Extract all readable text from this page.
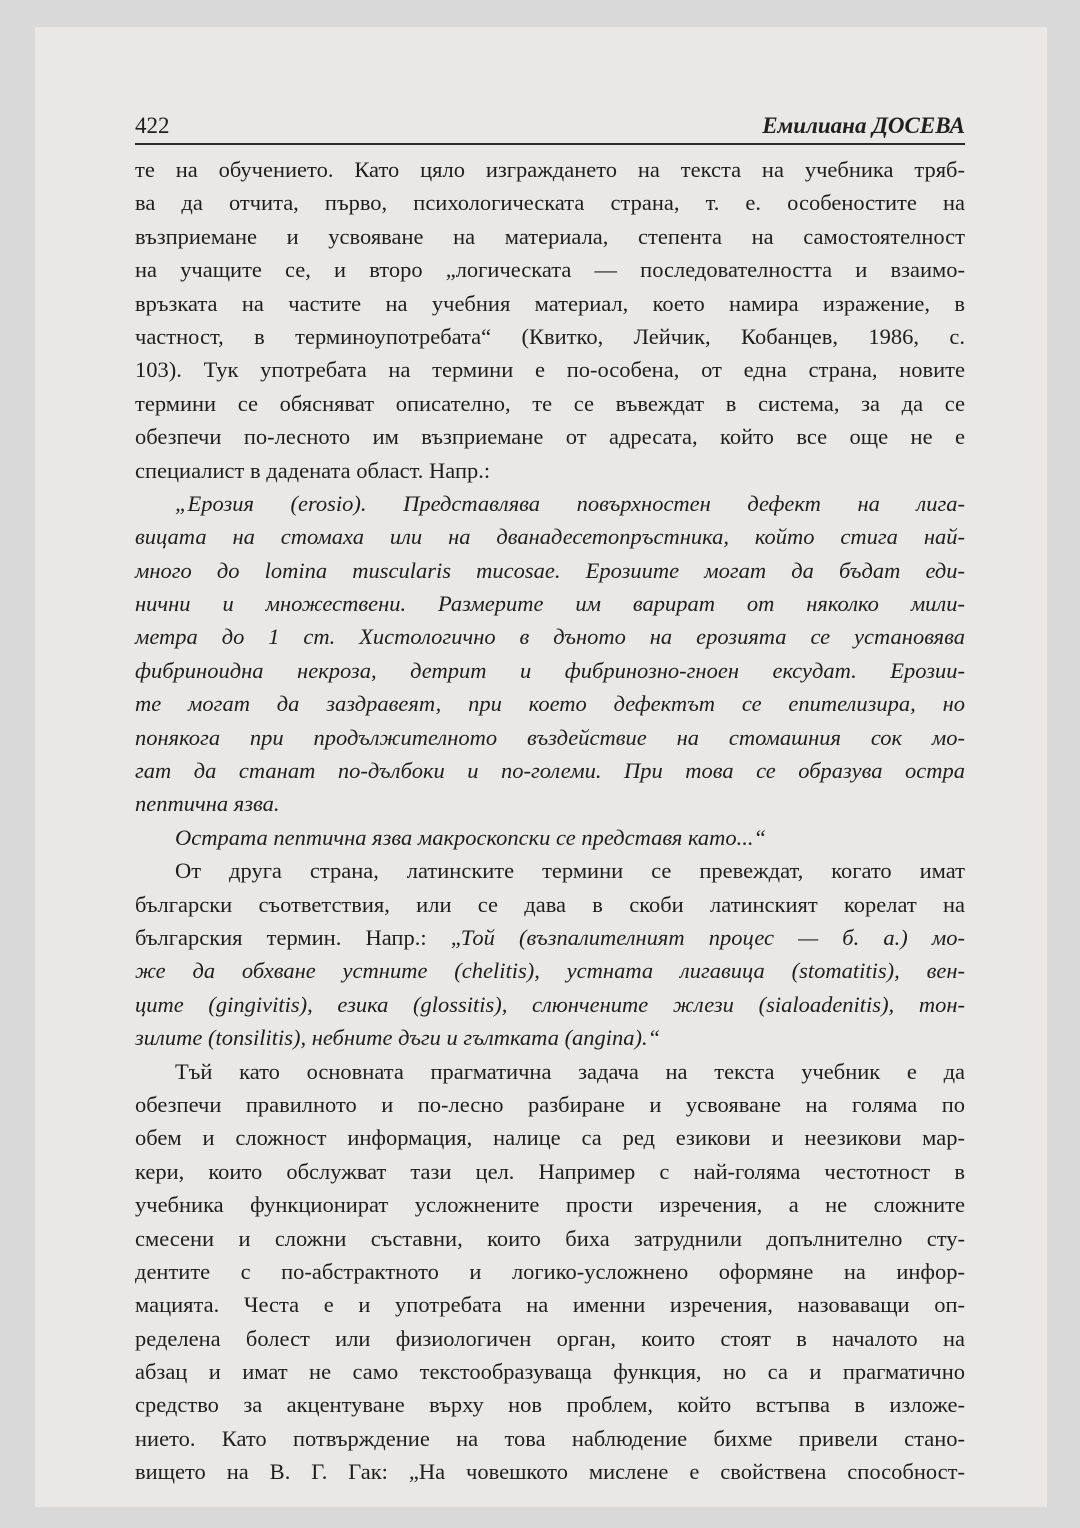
422	Емилиана ДОСЕВА
те на обучението. Като цяло изграждането на текста на учебника тряб-
ва да отчита, първо, психологическата страна, т. е. особеностите на
възприемане и усвояване на материала, степента на самостоятелност
на учащите се, и второ „логическата — последователността и взаимо-
връзката на частите на учебния материал, което намира изражение, в
частност, в терминоупотребата“ (Квитко, Лейчик, Кобанцев, 1986, с.
103). Тук употребата на термини е по-особена, от една страна, новите
термини се обясняват описателно, те се въвеждат в система, за да се
обезпечи по-лесното им възприемане от адресата, който все още не е
специалист в дадената област. Напр.:
„Ерозия (erosio). Представлява повърхностен дефект на лига-
вицата на стомаха или на дванадесетопръстника, който стига най-
много до lomina muscularis mucosae. Ерозиите могат да бъдат еди-
нични и множествени. Размерите им варират от няколко мили-
метра до 1 cm. Хистологично в дъното на ерозията се установява
фибриноидна некроза, детрит и фибринозно-гноен ексудат. Ерозии-
те могат да заздравеят, при което дефектът се епителизира, но
понякога при продължителното въздействие на стомашния сок мо-
гат да станат по-дълбоки и по-големи. При това се образува остра
пептична язва.
Острата пептична язва макроскопски се представя като...“
От друга страна, латинските термини се превеждат, когато имат
български съответствия, или се дава в скоби латинският корелат на
българския термин. Напр.: „Той (възпалителният процес — б. а.) мо-
же да обхване устните (chelitis), устната лигавица (stomatitis), вен-
ците (gingivitis), езика (glossitis), слюнчените жлези (sialoadenitis), тон-
зилите (tonsilitis), небните дъги и гълтката (angina).“
Тъй като основната прагматична задача на текста учебник е да
обезпечи правилното и по-лесно разбиране и усвояване на голяма по
обем и сложност информация, налице са ред езикови и неезикови мар-
кери, които обслужват тази цел. Например с най-голяма честотност в
учебника функционират усложнените прости изречения, а не сложните
смесени и сложни съставни, които биха затруднили допълнително сту-
дентите с по-абстрактното и логико-усложнено оформяне на инфор-
мацията. Честа е и употребата на именни изречения, назоваващи оп-
ределена болест или физиологичен орган, които стоят в началото на
абзац и имат не само текстообразуваща функция, но са и прагматично
средство за акцентуване върху нов проблем, който встъпва в изложе-
нието. Като потвърждение на това наблюдение бихме привели стано-
вището на В. Г. Гак: „На човешкото мислене е свойствена способност-
